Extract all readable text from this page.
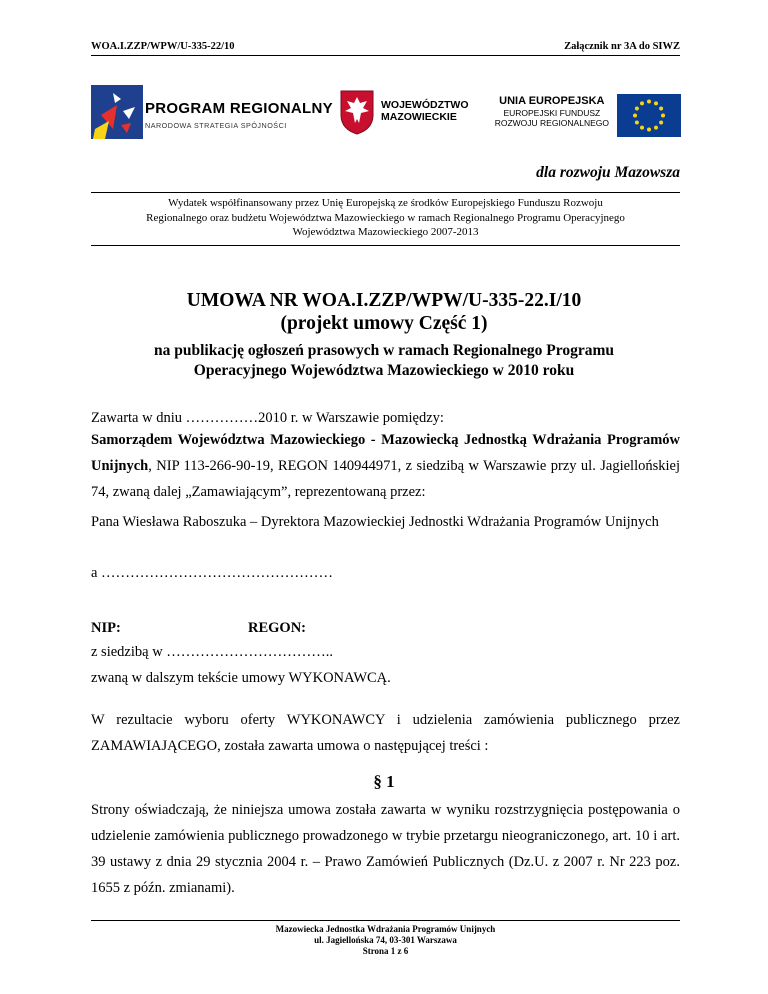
WOA.I.ZZP/WPW/U-335-22/10	Załącznik nr 3A do SIWZ
PROGRAM REGIONALNY
NARODOWA STRATEGIA SPÓJNOŚCI
WOJEWÓDZTWO
MAZOWIECKIE
UNIA EUROPEJSKA
EUROPEJSKI FUNDUSZ
ROZWOJU REGIONALNEGO
dla rozwoju Mazowsza
Wydatek współfinansowany przez Unię Europejską ze środków Europejskiego Funduszu Rozwoju
Regionalnego oraz budżetu Województwa Mazowieckiego w ramach Regionalnego Programu Operacyjnego
Województwa Mazowieckiego 2007-2013
UMOWA NR WOA.I.ZZP/WPW/U-335-22.I/10
(projekt umowy Część 1)
na publikację ogłoszeń prasowych w ramach Regionalnego Programu
Operacyjnego Województwa Mazowieckiego w 2010 roku
Zawarta w dniu ……………2010 r. w Warszawie pomiędzy:
Samorządem Województwa Mazowieckiego - Mazowiecką Jednostką Wdrażania Programów Unijnych, NIP 113-266-90-19, REGON 140944971, z siedzibą w Warszawie przy ul. Jagiellońskiej 74, zwaną dalej „Zamawiającym”, reprezentowaną przez:
Pana Wiesława Raboszuka – Dyrektora Mazowieckiej Jednostki Wdrażania Programów Unijnych
a …………………………………………
NIP:	REGON:
z siedzibą w ……………………………..
zwaną w dalszym tekście umowy WYKONAWCĄ.
W rezultacie wyboru oferty WYKONAWCY i udzielenia zamówienia publicznego przez ZAMAWIAJĄCEGO, została zawarta umowa o następującej treści :
§ 1
Strony oświadczają, że niniejsza umowa została zawarta w wyniku rozstrzygnięcia postępowania o udzielenie zamówienia publicznego prowadzonego w trybie przetargu nieograniczonego, art. 10 i art. 39 ustawy z dnia 29 stycznia 2004 r. – Prawo Zamówień Publicznych (Dz.U. z 2007 r. Nr 223 poz. 1655 z późn. zmianami).
Mazowiecka Jednostka Wdrażania Programów Unijnych
ul. Jagiellońska 74, 03-301 Warszawa
Strona 1 z 6
